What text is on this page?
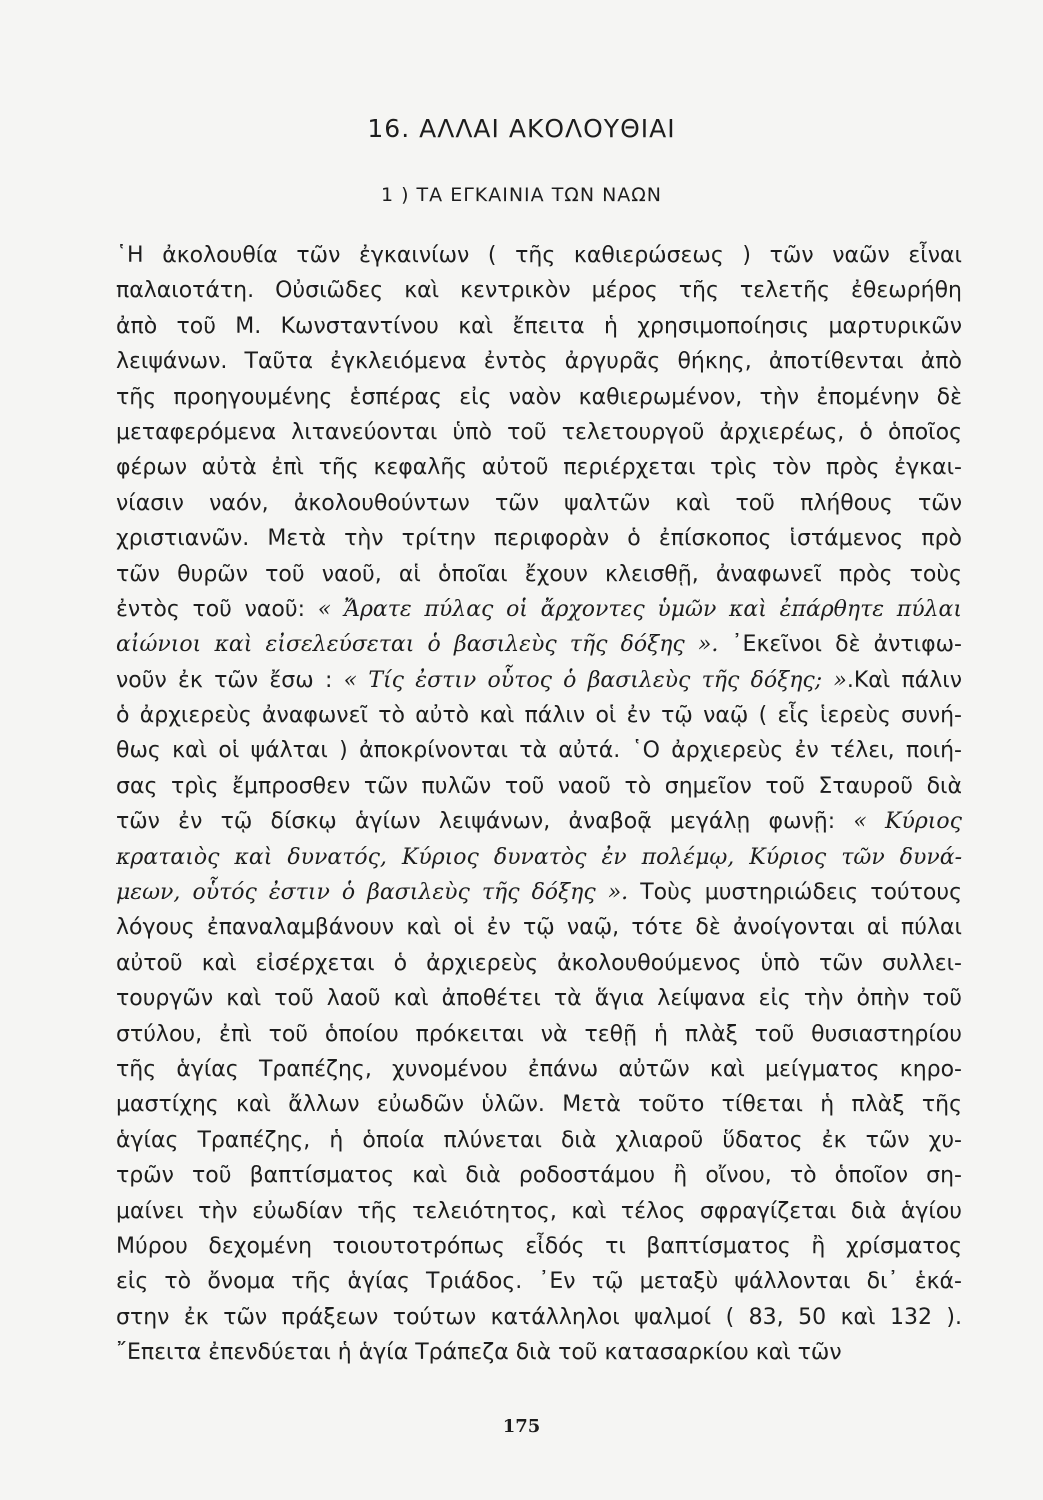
16. ΑΛΛΑΙ ΑΚΟΛΟΥΘΙΑΙ
1 ) ΤΑ ΕΓΚΑΙΝΙΑ ΤΩΝ ΝΑΩΝ
῾Η ἀκολουθία τῶν ἐγκαινίων ( τῆς καθιερώσεως ) τῶν ναῶν εἶναι
παλαιοτάτη. Οὐσιῶδες καὶ κεντρικὸν μέρος τῆς τελετῆς ἐθεωρήθη
ἀπὸ τοῦ Μ. Κωνσταντίνου καὶ ἔπειτα ἡ χρησιμοποίησις μαρτυρικῶν
λειψάνων. Ταῦτα ἐγκλειόμενα ἐντὸς ἀργυρᾶς θήκης, ἀποτίθενται ἀπὸ
τῆς προηγουμένης ἑσπέρας εἰς ναὸν καθιερωμένον, τὴν ἐπομένην δὲ
μεταφερόμενα λιτανεύονται ὑπὸ τοῦ τελετουργοῦ ἀρχιερέως, ὁ ὁποῖος
φέρων αὐτὰ ἐπὶ τῆς κεφαλῆς αὐτοῦ περιέρχεται τρὶς τὸν πρὸς ἐγκαι-
νίασιν ναόν, ἀκολουθούντων τῶν ψαλτῶν καὶ τοῦ πλήθους τῶν
χριστιανῶν. Μετὰ τὴν τρίτην περιφορὰν ὁ ἐπίσκοπος ἱστάμενος πρὸ
τῶν θυρῶν τοῦ ναοῦ, αἱ ὁποῖαι ἔχουν κλεισθῇ, ἀναφωνεῖ πρὸς τοὺς
ἐντὸς τοῦ ναοῦ: « Ἄρατε πύλας οἱ ἄρχοντες ὑμῶν καὶ ἐπάρθητε πύλαι
αἰώνιοι καὶ εἰσελεύσεται ὁ βασιλεὺς τῆς δόξης ». ᾿Εκεῖνοι δὲ ἀντιφω-
νοῦν ἐκ τῶν ἔσω : « Τίς ἐστιν οὗτος ὁ βασιλεὺς τῆς δόξης; ».Καὶ πάλιν
ὁ ἀρχιερεὺς ἀναφωνεῖ τὸ αὐτὸ καὶ πάλιν οἱ ἐν τῷ ναῷ ( εἷς ἱερεὺς συνή-
θως καὶ οἱ ψάλται ) ἀποκρίνονται τὰ αὐτά. ῾Ο ἀρχιερεὺς ἐν τέλει, ποιή-
σας τρὶς ἔμπροσθεν τῶν πυλῶν τοῦ ναοῦ τὸ σημεῖον τοῦ Σταυροῦ διὰ
τῶν ἐν τῷ δίσκῳ ἁγίων λειψάνων, ἀναβοᾷ μεγάλῃ φωνῇ: « Κύριος
κραταιὸς καὶ δυνατός, Κύριος δυνατὸς ἐν πολέμῳ, Κύριος τῶν δυνά-
μεων, οὗτός ἐστιν ὁ βασιλεὺς τῆς δόξης ». Τοὺς μυστηριώδεις τούτους
λόγους ἐπαναλαμβάνουν καὶ οἱ ἐν τῷ ναῷ, τότε δὲ ἀνοίγονται αἱ πύλαι
αὐτοῦ καὶ εἰσέρχεται ὁ ἀρχιερεὺς ἀκολουθούμενος ὑπὸ τῶν συλλει-
τουργῶν καὶ τοῦ λαοῦ καὶ ἀποθέτει τὰ ἅγια λείψανα εἰς τὴν ὀπὴν τοῦ
στύλου, ἐπὶ τοῦ ὁποίου πρόκειται νὰ τεθῇ ἡ πλὰξ τοῦ θυσιαστηρίου
τῆς ἁγίας Τραπέζης, χυνομένου ἐπάνω αὐτῶν καὶ μείγματος κηρο-
μαστίχης καὶ ἄλλων εὐωδῶν ὑλῶν. Μετὰ τοῦτο τίθεται ἡ πλὰξ τῆς
ἁγίας Τραπέζης, ἡ ὁποία πλύνεται διὰ χλιαροῦ ὕδατος ἐκ τῶν χυ-
τρῶν τοῦ βαπτίσματος καὶ διὰ ροδοστάμου ἢ οἴνου, τὸ ὁποῖον ση-
μαίνει τὴν εὐωδίαν τῆς τελειότητος, καὶ τέλος σφραγίζεται διὰ ἁγίου
Μύρου δεχομένη τοιουτοτρόπως εἶδός τι βαπτίσματος ἢ χρίσματος
εἰς τὸ ὄνομα τῆς ἁγίας Τριάδος. ᾿Εν τῷ μεταξὺ ψάλλονται δι᾿ ἑκά-
στην ἐκ τῶν πράξεων τούτων κατάλληλοι ψαλμοί ( 83, 50 καὶ 132 ).
῎Επειτα ἐπενδύεται ἡ ἁγία Τράπεζα διὰ τοῦ κατασαρκίου καὶ τῶν
175
